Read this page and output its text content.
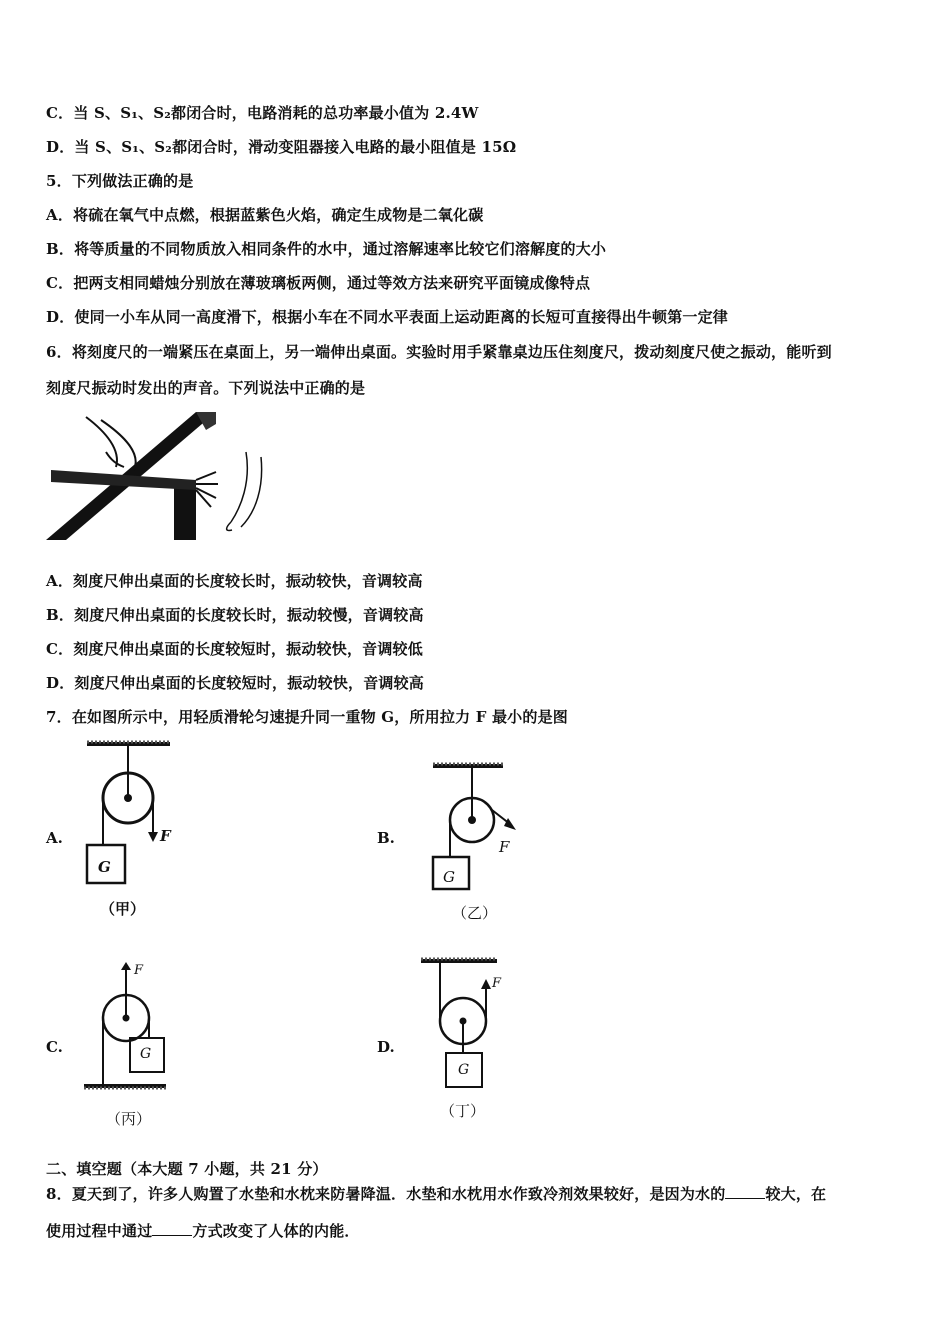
C．当 S、S₁、S₂都闭合时，电路消耗的总功率最小值为 2.4W
D．当 S、S₁、S₂都闭合时，滑动变阻器接入电路的最小阻值是 15Ω
5．下列做法正确的是
A．将硫在氧气中点燃，根据蓝紫色火焰，确定生成物是二氧化碳
B．将等质量的不同物质放入相同条件的水中，通过溶解速率比较它们溶解度的大小
C．把两支相同蜡烛分别放在薄玻璃板两侧，通过等效方法来研究平面镜成像特点
D．使同一小车从同一高度滑下，根据小车在不同水平表面上运动距离的长短可直接得出牛顿第一定律
6．将刻度尺的一端紧压在桌面上，另一端伸出桌面。实验时用手紧靠桌边压住刻度尺，拨动刻度尺使之振动，能听到
刻度尺振动时发出的声音。下列说法中正确的是
A．刻度尺伸出桌面的长度较长时，振动较快，音调较高
B．刻度尺伸出桌面的长度较长时，振动较慢，音调较高
C．刻度尺伸出桌面的长度较短时，振动较快，音调较低
D．刻度尺伸出桌面的长度较短时，振动较快，音调较高
7．在如图所示中，用轻质滑轮匀速提升同一重物 G，所用拉力 F 最小的是图
A.	F
G
（甲）
B.	F
G
（乙）
C.
F
G
（丙）
D.
F
G
（丁）
二、填空题（本大题 7 小题，共 21 分）
8．夏天到了，许多人购置了水垫和水枕来防暑降温．水垫和水枕用水作致冷剂效果较好，是因为水的	较大，在
使用过程中通过	方式改变了人体的内能．
